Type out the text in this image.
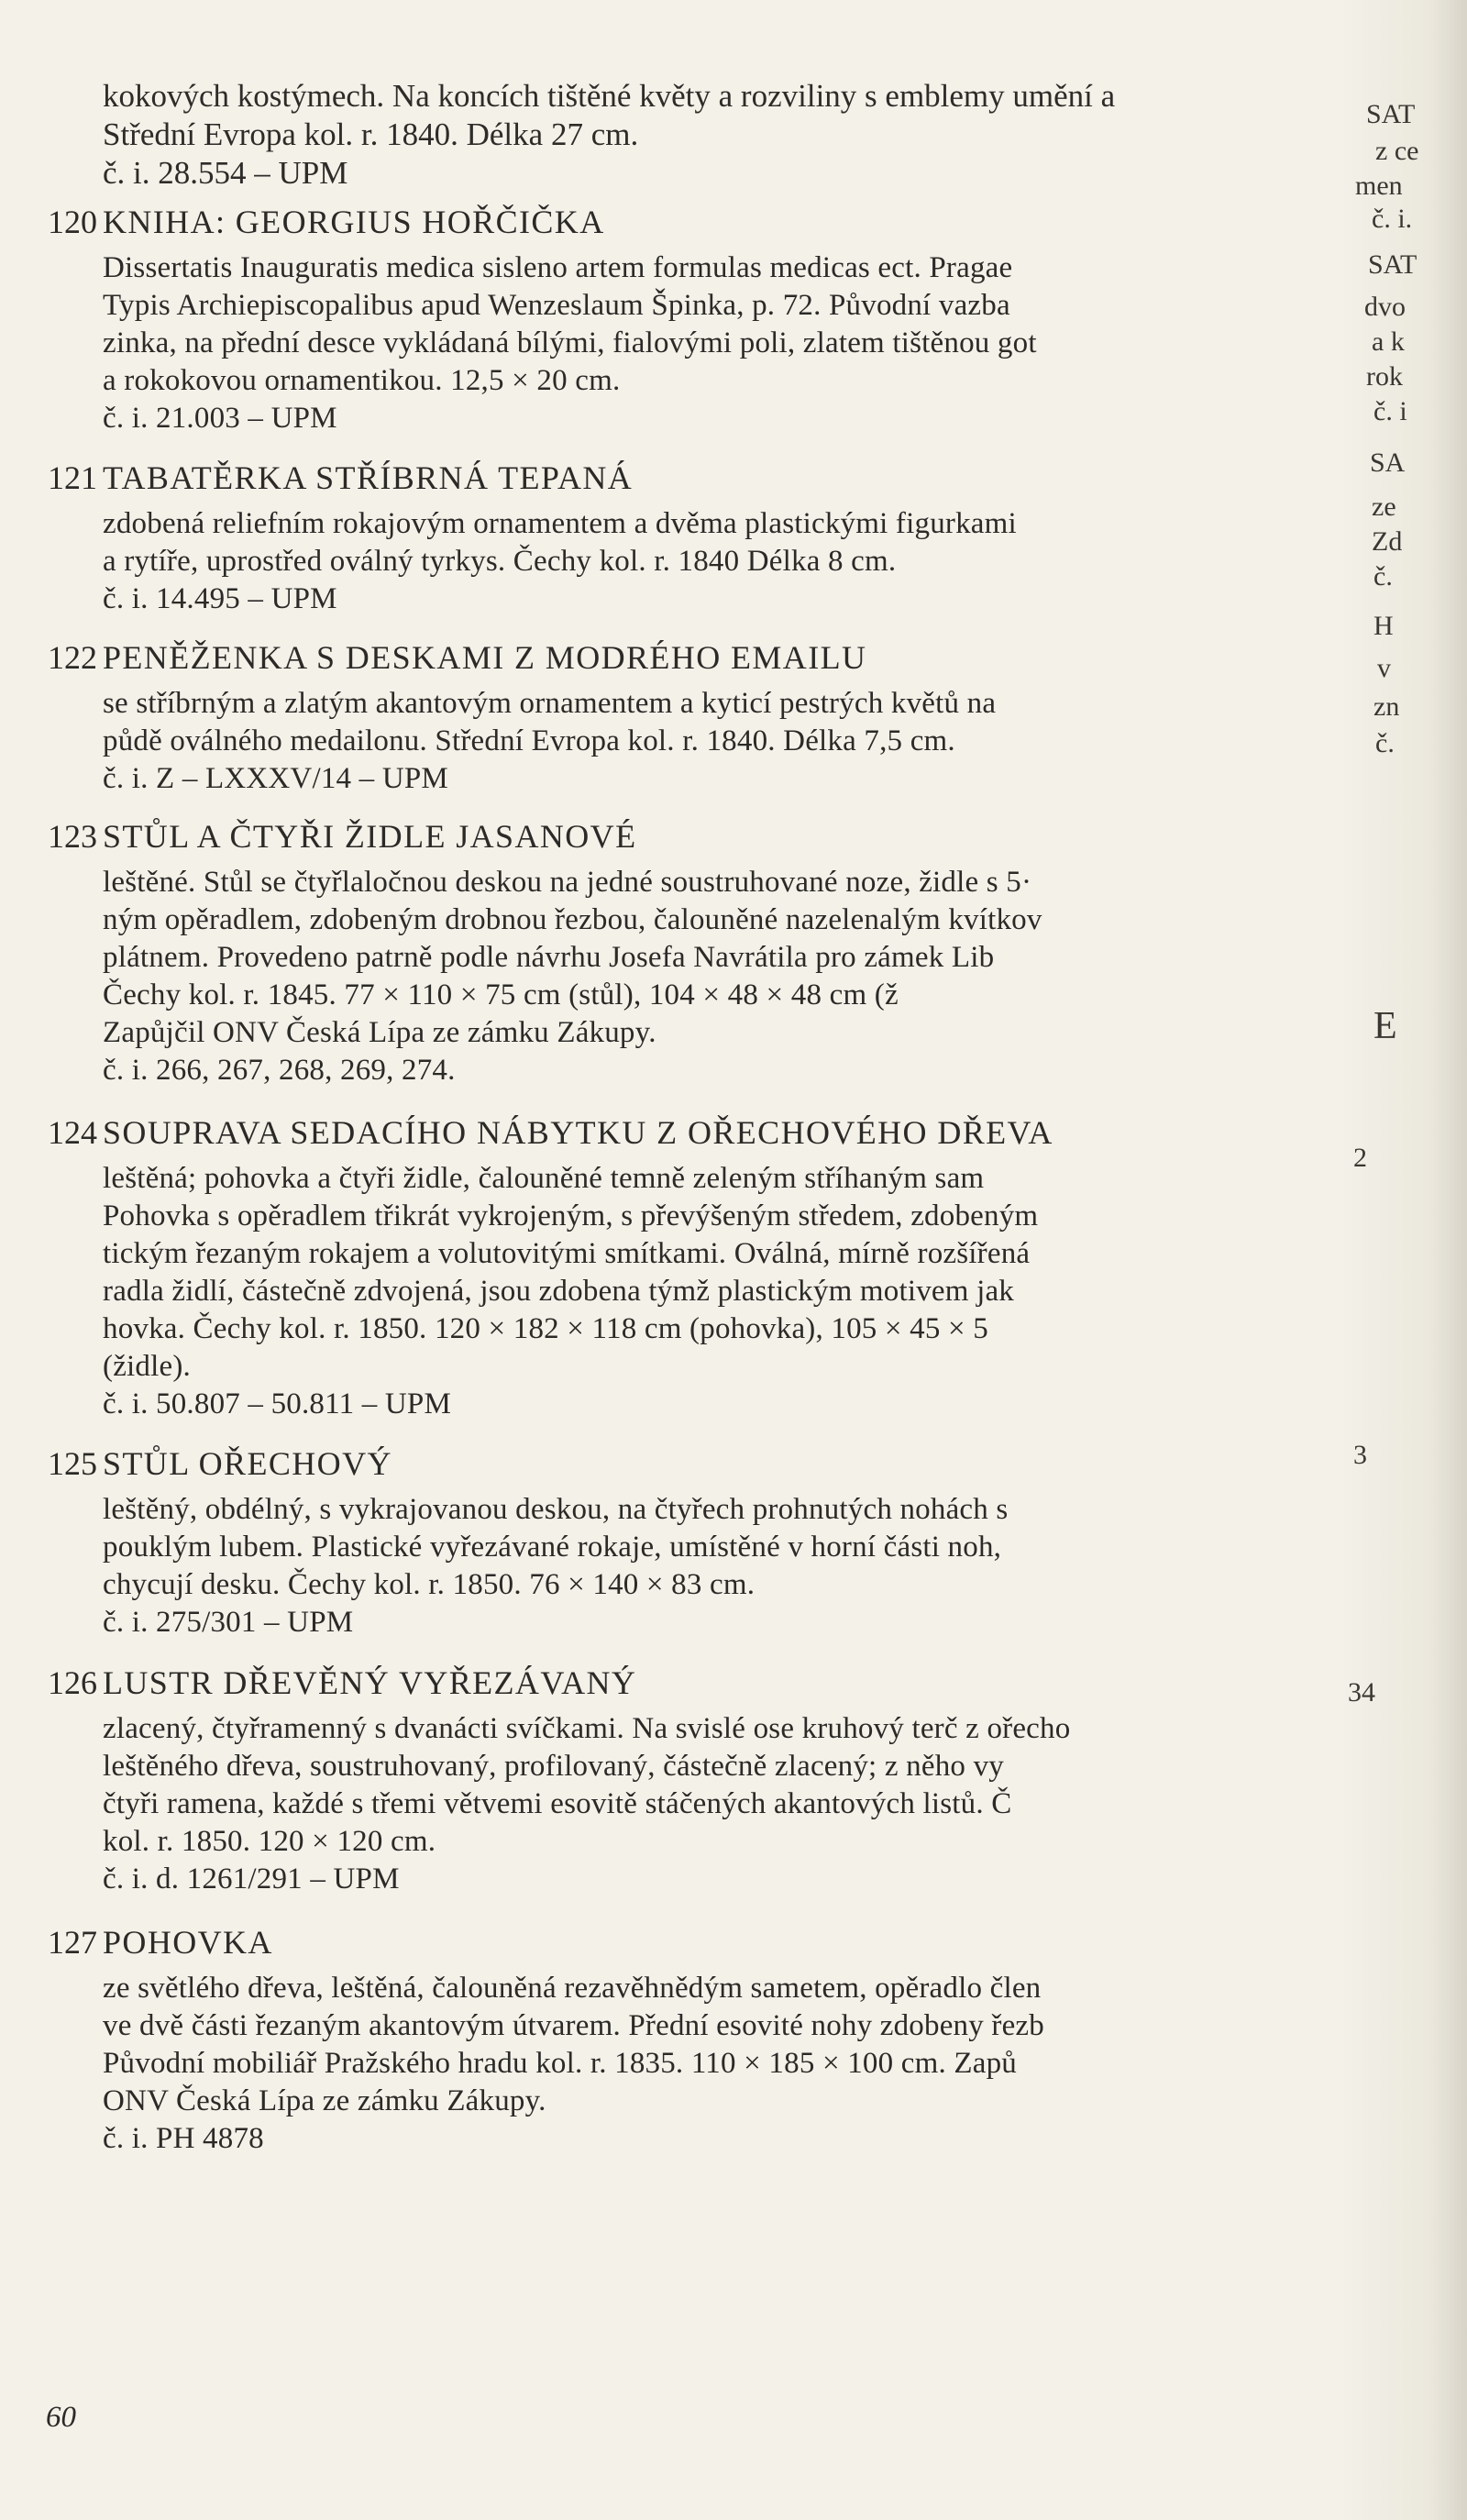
SAT
z ce
men
č. i.
SAT
dvo
a k
rok
č. i
SA
ze
Zd
č.
H
v
zn
č.
E
2
3
34
kokových kostýmech. Na koncích tištěné květy a rozviliny s emblemy umění a
Střední Evropa kol. r. 1840. Délka 27 cm.
č. i. 28.554 – UPM
120 KNIHA: GEORGIUS HOŘČIČKA
Dissertatis Inauguratis medica sisleno artem formulas medicas ect. Pragae
Typis Archiepiscopalibus apud Wenzeslaum Špinka, p. 72. Původní vazba
zinka, na přední desce vykládaná bílými, fialovými poli, zlatem tištěnou got
a rokokovou ornamentikou. 12,5 × 20 cm.
č. i. 21.003 – UPM
121 TABATĚRKA STŘÍBRNÁ TEPANÁ
zdobená reliefním rokajovým ornamentem a dvěma plastickými figurkami
a rytíře, uprostřed oválný tyrkys. Čechy kol. r. 1840 Délka 8 cm.
č. i. 14.495 – UPM
122 PENĚŽENKA S DESKAMI Z MODRÉHO EMAILU
se stříbrným a zlatým akantovým ornamentem a kyticí pestrých květů na
půdě oválného medailonu. Střední Evropa kol. r. 1840. Délka 7,5 cm.
č. i. Z – LXXXV/14 – UPM
123 STŮL A ČTYŘI ŽIDLE JASANOVÉ
leštěné. Stůl se čtyřlaločnou deskou na jedné soustruhované noze, židle s 5·
ným opěradlem, zdobeným drobnou řezbou, čalouněné nazelenalým kvítkov
plátnem. Provedeno patrně podle návrhu Josefa Navrátila pro zámek Lib
Čechy kol. r. 1845. 77 × 110 × 75 cm (stůl), 104 × 48 × 48 cm (ž
Zapůjčil ONV Česká Lípa ze zámku Zákupy.
č. i. 266, 267, 268, 269, 274.
124 SOUPRAVA SEDACÍHO NÁBYTKU Z OŘECHOVÉHO DŘEVA
leštěná; pohovka a čtyři židle, čalouněné temně zeleným stříhaným sam
Pohovka s opěradlem třikrát vykrojeným, s převýšeným středem, zdobeným
tickým řezaným rokajem a volutovitými smítkami. Oválná, mírně rozšířená
radla židlí, částečně zdvojená, jsou zdobena týmž plastickým motivem jak
hovka. Čechy kol. r. 1850. 120 × 182 × 118 cm (pohovka), 105 × 45 × 5
(židle).
č. i. 50.807 – 50.811 – UPM
125 STŮL OŘECHOVÝ
leštěný, obdélný, s vykrajovanou deskou, na čtyřech prohnutých nohách s
pouklým lubem. Plastické vyřezávané rokaje, umístěné v horní části noh,
chycují desku. Čechy kol. r. 1850. 76 × 140 × 83 cm.
č. i. 275/301 – UPM
126 LUSTR DŘEVĚNÝ VYŘEZÁVANÝ
zlacený, čtyřramenný s dvanácti svíčkami. Na svislé ose kruhový terč z ořecho
leštěného dřeva, soustruhovaný, profilovaný, částečně zlacený; z něho vy
čtyři ramena, každé s třemi větvemi esovitě stáčených akantových listů. Č
kol. r. 1850. 120 × 120 cm.
č. i. d. 1261/291 – UPM
127 POHOVKA
ze světlého dřeva, leštěná, čalouněná rezavěhnědým sametem, opěradlo člen
ve dvě části řezaným akantovým útvarem. Přední esovité nohy zdobeny řezb
Původní mobiliář Pražského hradu kol. r. 1835. 110 × 185 × 100 cm. Zapů
ONV Česká Lípa ze zámku Zákupy.
č. i. PH 4878
60
